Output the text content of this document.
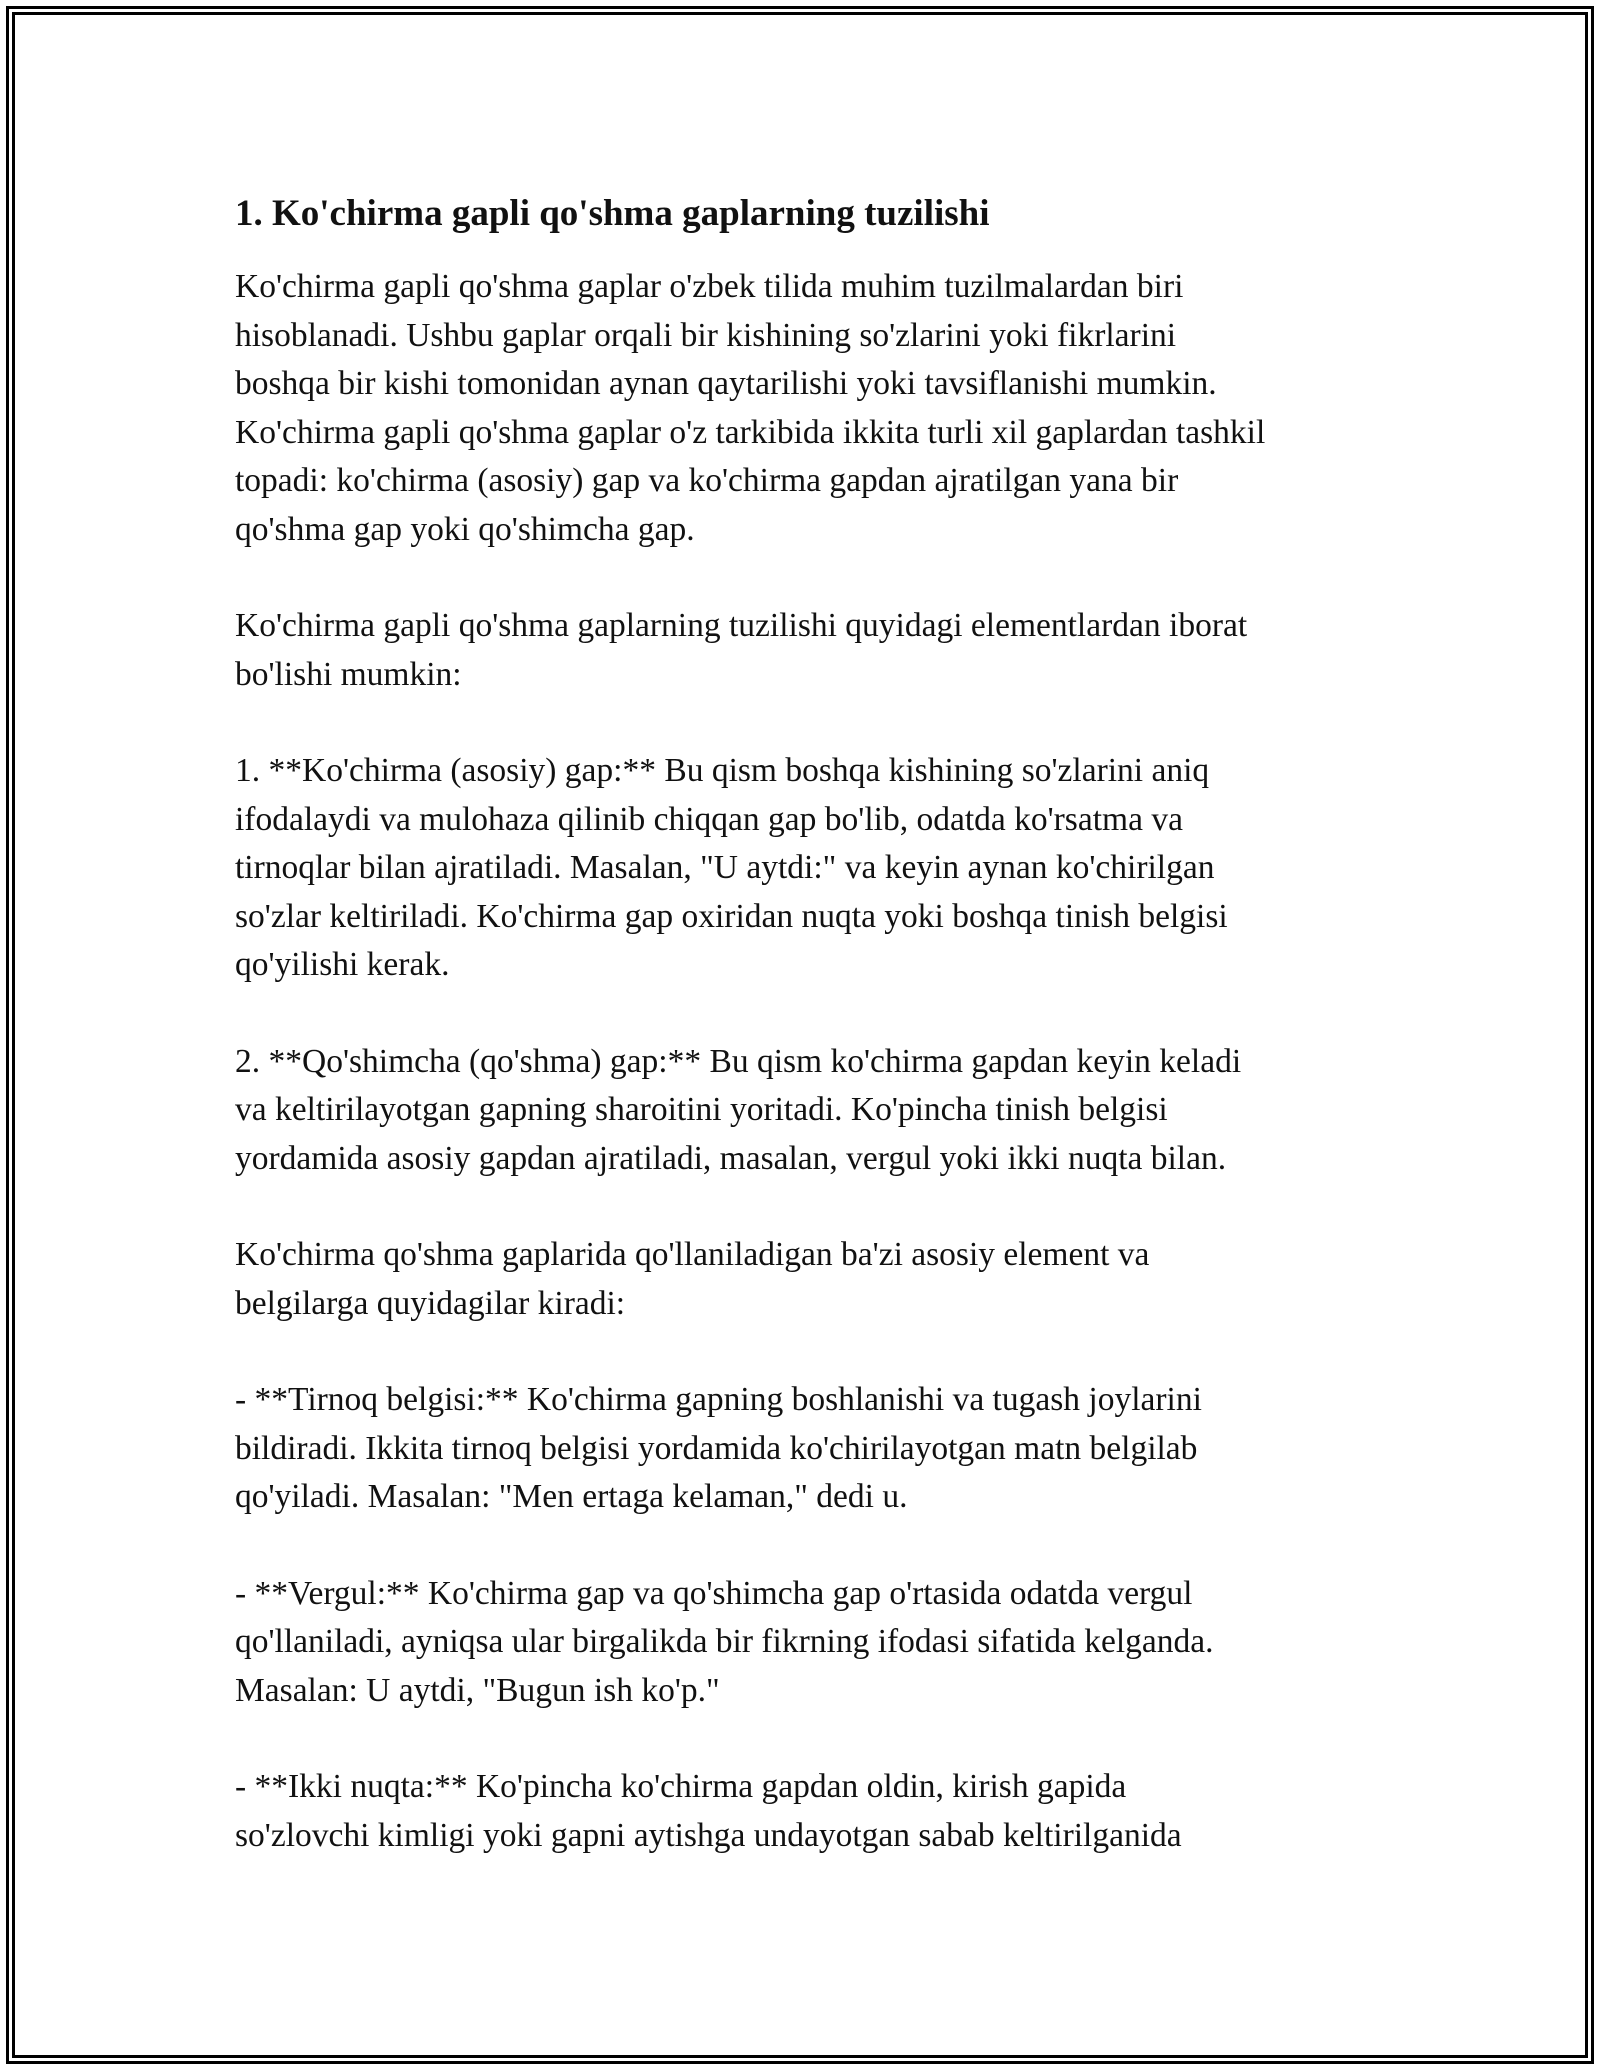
1. Ko'chirma gapli qo'shma gaplarning tuzilishi

Ko'chirma gapli qo'shma gaplar o'zbek tilida muhim tuzilmalardan biri
hisoblanadi. Ushbu gaplar orqali bir kishining so'zlarini yoki fikrlarini
boshqa bir kishi tomonidan aynan qaytarilishi yoki tavsiflanishi mumkin.
Ko'chirma gapli qo'shma gaplar o'z tarkibida ikkita turli xil gaplardan tashkil
topadi: ko'chirma (asosiy) gap va ko'chirma gapdan ajratilgan yana bir
qo'shma gap yoki qo'shimcha gap.

Ko'chirma gapli qo'shma gaplarning tuzilishi quyidagi elementlardan iborat
bo'lishi mumkin:

1. **Ko'chirma (asosiy) gap:** Bu qism boshqa kishining so'zlarini aniq
ifodalaydi va mulohaza qilinib chiqqan gap bo'lib, odatda ko'rsatma va
tirnoqlar bilan ajratiladi. Masalan, "U aytdi:" va keyin aynan ko'chirilgan
so'zlar keltiriladi. Ko'chirma gap oxiridan nuqta yoki boshqa tinish belgisi
qo'yilishi kerak.

2. **Qo'shimcha (qo'shma) gap:** Bu qism ko'chirma gapdan keyin keladi
va keltirilayotgan gapning sharoitini yoritadi. Ko'pincha tinish belgisi
yordamida asosiy gapdan ajratiladi, masalan, vergul yoki ikki nuqta bilan.

Ko'chirma qo'shma gaplarida qo'llaniladigan ba'zi asosiy element va
belgilarga quyidagilar kiradi:

- **Tirnoq belgisi:** Ko'chirma gapning boshlanishi va tugash joylarini
bildiradi. Ikkita tirnoq belgisi yordamida ko'chirilayotgan matn belgilab
qo'yiladi. Masalan: "Men ertaga kelaman," dedi u.

- **Vergul:** Ko'chirma gap va qo'shimcha gap o'rtasida odatda vergul
qo'llaniladi, ayniqsa ular birgalikda bir fikrning ifodasi sifatida kelganda.
Masalan: U aytdi, "Bugun ish ko'p."

- **Ikki nuqta:** Ko'pincha ko'chirma gapdan oldin, kirish gapida
so'zlovchi kimligi yoki gapni aytishga undayotgan sabab keltirilganida
